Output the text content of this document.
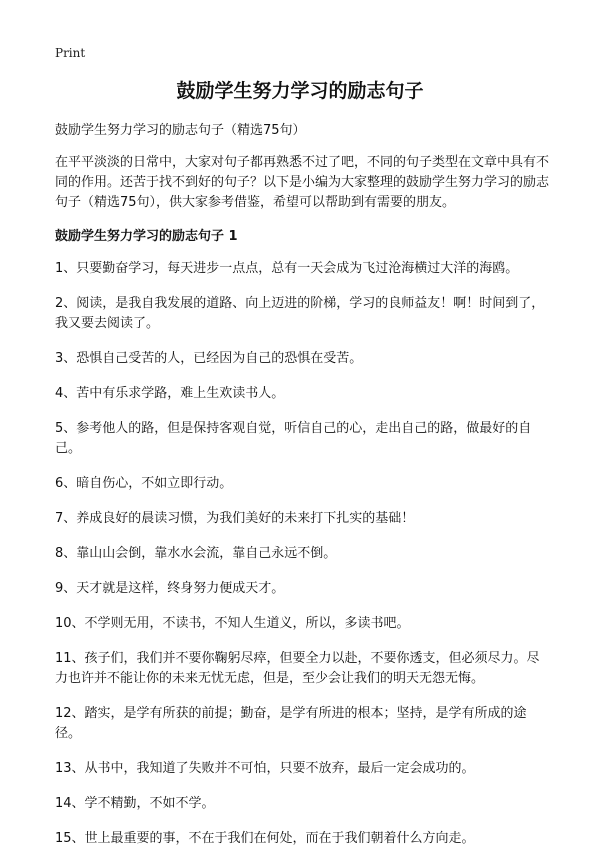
Print
鼓励学生努力学习的励志句子

鼓励学生努力学习的励志句子（精选75句）

在平平淡淡的日常中，大家对句子都再熟悉不过了吧，不同的句子类型在文章中具有不同的作用。还苦于找不到好的句子？以下是小编为大家整理的鼓励学生努力学习的励志句子（精选75句），供大家参考借鉴，希望可以帮助到有需要的朋友。

鼓励学生努力学习的励志句子 1

1、只要勤奋学习，每天进步一点点，总有一天会成为飞过沧海横过大洋的海鸥。
2、阅读，是我自我发展的道路、向上迈进的阶梯，学习的良师益友！啊！时间到了，我又要去阅读了。
3、恐惧自己受苦的人，已经因为自己的恐惧在受苦。
4、苦中有乐求学路，难上生欢读书人。
5、参考他人的路，但是保持客观自觉，听信自己的心，走出自己的路，做最好的自己。
6、暗自伤心，不如立即行动。
7、养成良好的晨读习惯，为我们美好的未来打下扎实的基础！
8、靠山山会倒，靠水水会流，靠自己永远不倒。
9、天才就是这样，终身努力便成天才。
10、不学则无用，不读书，不知人生道义，所以，多读书吧。
11、孩子们，我们并不要你鞠躬尽瘁，但要全力以赴，不要你透支，但必须尽力。尽力也许并不能让你的未来无忧无虑，但是，至少会让我们的明天无怨无悔。
12、踏实，是学有所获的前提；勤奋，是学有所进的根本；坚持，是学有所成的途径。
13、从书中，我知道了失败并不可怕，只要不放弃，最后一定会成功的。
14、学不精勤，不如不学。
15、世上最重要的事，不在于我们在何处，而在于我们朝着什么方向走。
